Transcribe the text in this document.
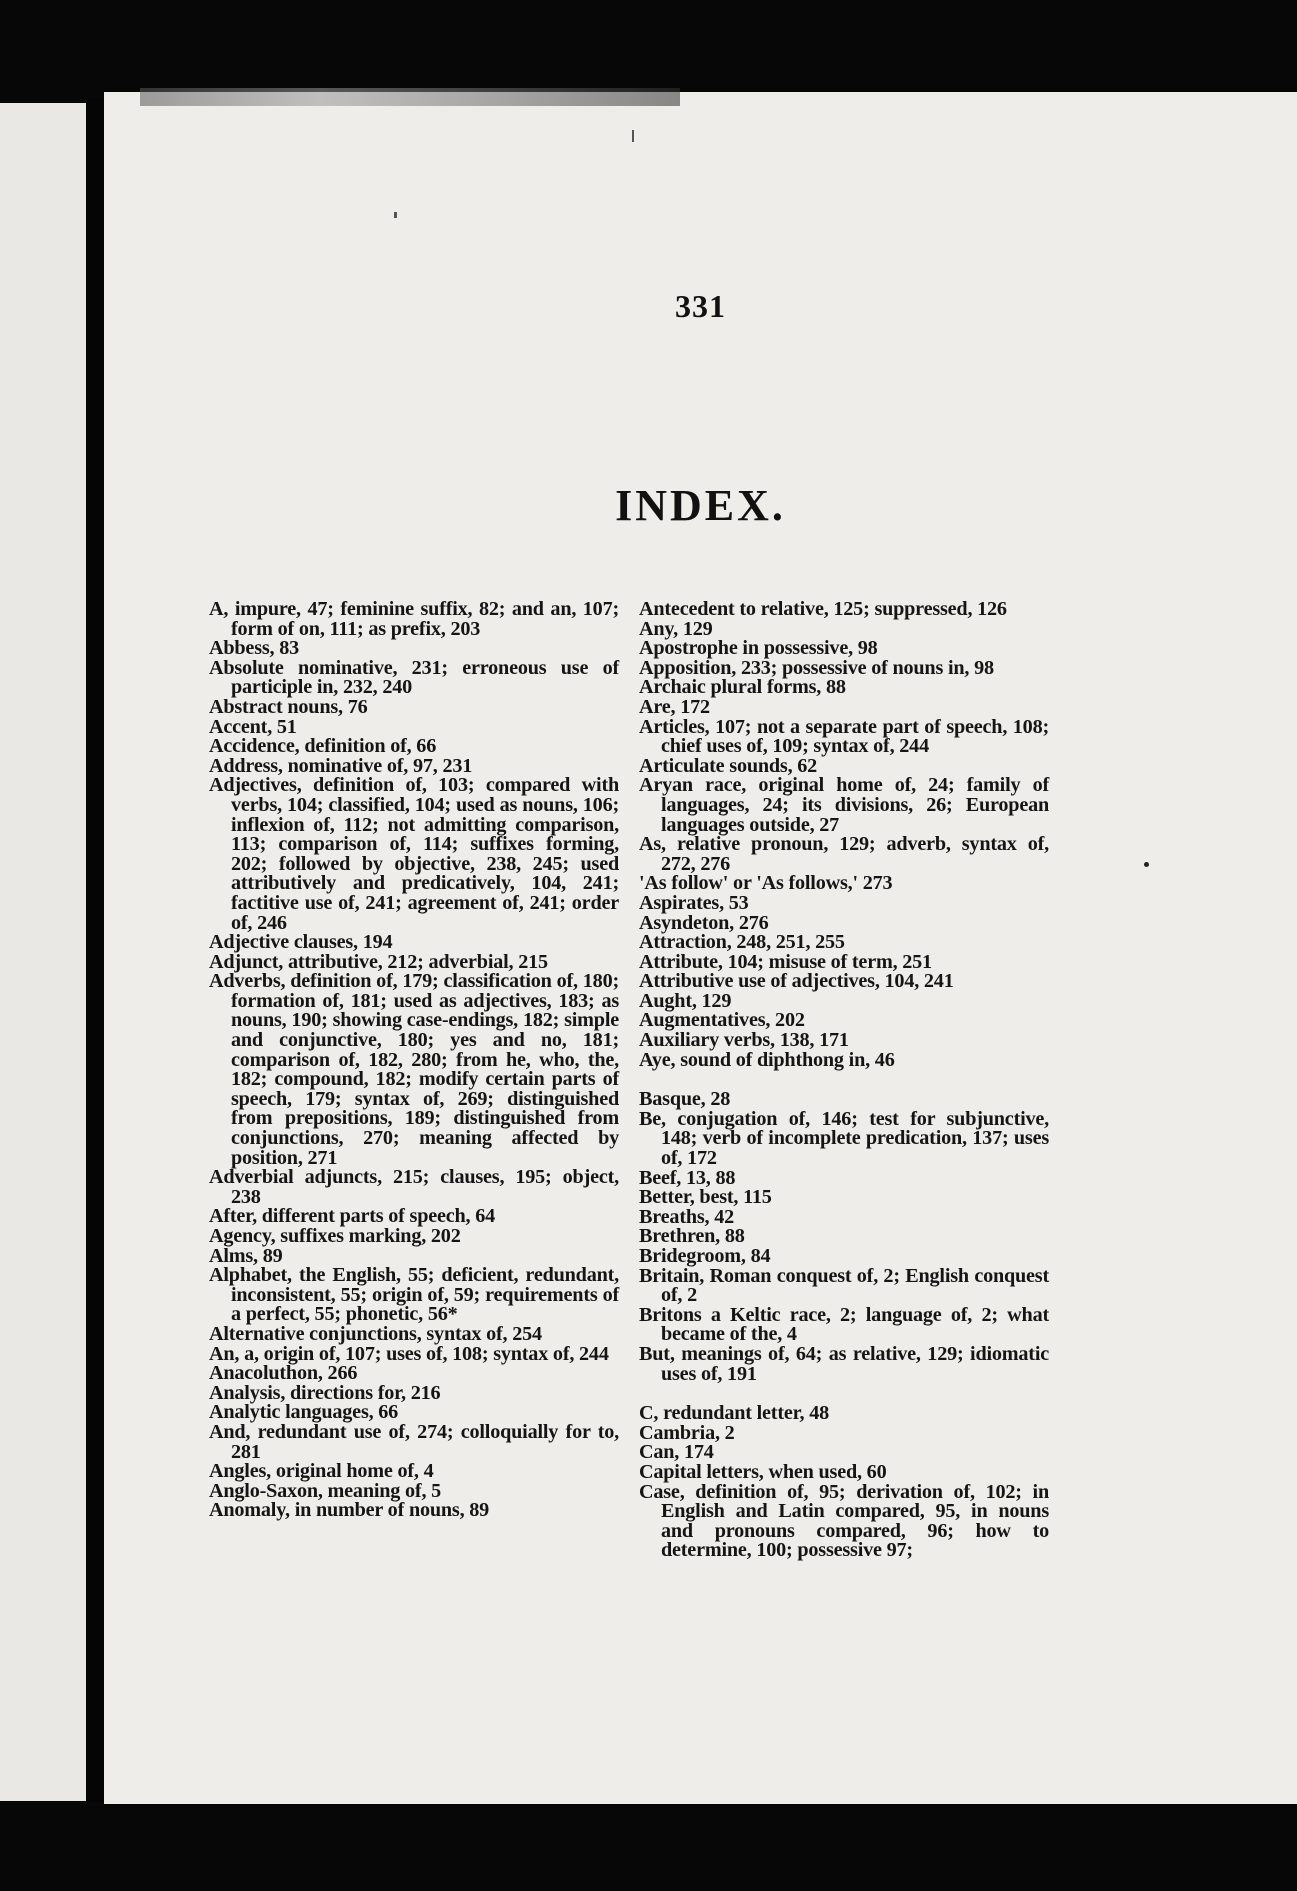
331
INDEX.
A, impure, 47; feminine suffix, 82; and an, 107; form of on, 111; as prefix, 203
Abbess, 83
Absolute nominative, 231; erroneous use of participle in, 232, 240
Abstract nouns, 76
Accent, 51
Accidence, definition of, 66
Address, nominative of, 97, 231
Adjectives, definition of, 103; compared with verbs, 104; classified, 104; used as nouns, 106; inflexion of, 112; not admitting comparison, 113; comparison of, 114; suffixes forming, 202; followed by objective, 238, 245; used attributively and predicatively, 104, 241; factitive use of, 241; agreement of, 241; order of, 246
Adjective clauses, 194
Adjunct, attributive, 212; adverbial, 215
Adverbs, definition of, 179; classification of, 180; formation of, 181; used as adjectives, 183; as nouns, 190; showing case-endings, 182; simple and conjunctive, 180; yes and no, 181; comparison of, 182, 280; from he, who, the, 182; compound, 182; modify certain parts of speech, 179; syntax of, 269; distinguished from prepositions, 189; distinguished from conjunctions, 270; meaning affected by position, 271
Adverbial adjuncts, 215; clauses, 195; object, 238
After, different parts of speech, 64
Agency, suffixes marking, 202
Alms, 89
Alphabet, the English, 55; deficient, redundant, inconsistent, 55; origin of, 59; requirements of a perfect, 55; phonetic, 56*
Alternative conjunctions, syntax of, 254
An, a, origin of, 107; uses of, 108; syntax of, 244
Anacoluthon, 266
Analysis, directions for, 216
Analytic languages, 66
And, redundant use of, 274; colloquially for to, 281
Angles, original home of, 4
Anglo-Saxon, meaning of, 5
Anomaly, in number of nouns, 89
Antecedent to relative, 125; suppressed, 126
Any, 129
Apostrophe in possessive, 98
Apposition, 233; possessive of nouns in, 98
Archaic plural forms, 88
Are, 172
Articles, 107; not a separate part of speech, 108; chief uses of, 109; syntax of, 244
Articulate sounds, 62
Aryan race, original home of, 24; family of languages, 24; its divisions, 26; European languages outside, 27
As, relative pronoun, 129; adverb, syntax of, 272, 276
'As follow' or 'As follows,' 273
Aspirates, 53
Asyndeton, 276
Attraction, 248, 251, 255
Attribute, 104; misuse of term, 251
Attributive use of adjectives, 104, 241
Aught, 129
Augmentatives, 202
Auxiliary verbs, 138, 171
Aye, sound of diphthong in, 46
Basque, 28
Be, conjugation of, 146; test for subjunctive, 148; verb of incomplete predication, 137; uses of, 172
Beef, 13, 88
Better, best, 115
Breaths, 42
Brethren, 88
Bridegroom, 84
Britain, Roman conquest of, 2; English conquest of, 2
Britons a Keltic race, 2; language of, 2; what became of the, 4
But, meanings of, 64; as relative, 129; idiomatic uses of, 191
C, redundant letter, 48
Cambria, 2
Can, 174
Capital letters, when used, 60
Case, definition of, 95; derivation of, 102; in English and Latin compared, 95, in nouns and pronouns compared, 96; how to determine, 100; possessive 97;
